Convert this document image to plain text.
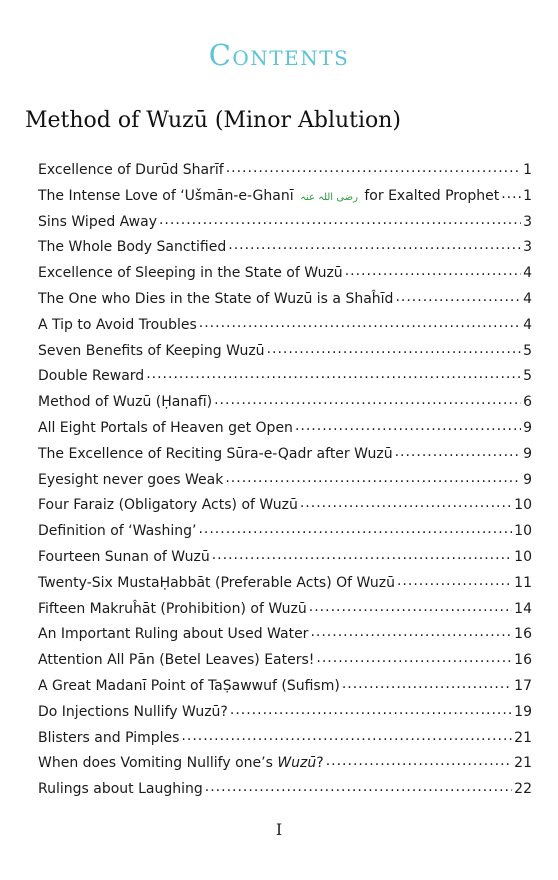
Contents
Method of Wuzū (Minor Ablution)
Excellence of Durūd Sharīf .....	1
The Intense Love of ‘Ušmān-e-Ghanī رضی اللہ عنہ for Exalted Prophet ..... 1
Sins Wiped Away .....	3
The Whole Body Sanctified .....	3
Excellence of Sleeping in the State of Wuzū .....	4
The One who Dies in the State of Wuzū is a Shaĥīd .....	4
A Tip to Avoid Troubles .....	4
Seven Benefits of Keeping Wuzū .....	5
Double Reward .....	5
Method of Wuzū (Ḥanafī) .....	6
All Eight Portals of Heaven get Open .....	9
The Excellence of Reciting Sūra-e-Qadr after Wuzū .....	9
Eyesight never goes Weak .....	9
Four Faraiz (Obligatory Acts) of Wuzū .....	10
Definition of ‘Washing’ .....	10
Fourteen Sunan of Wuzū .....	10
Twenty-Six MustaḤabbāt (Preferable Acts) Of Wuzū .....	11
Fifteen Makruĥāt (Prohibition) of Wuzū .....	14
An Important Ruling about Used Water .....	16
Attention All Pān (Betel Leaves) Eaters! .....	16
A Great Madanī Point of TaṢawwuf (Sufism) .....	17
Do Injections Nullify Wuzū? .....	19
Blisters and Pimples .....	21
When does Vomiting Nullify one’s Wuzū? .....	21
Rulings about Laughing .....	22
I
